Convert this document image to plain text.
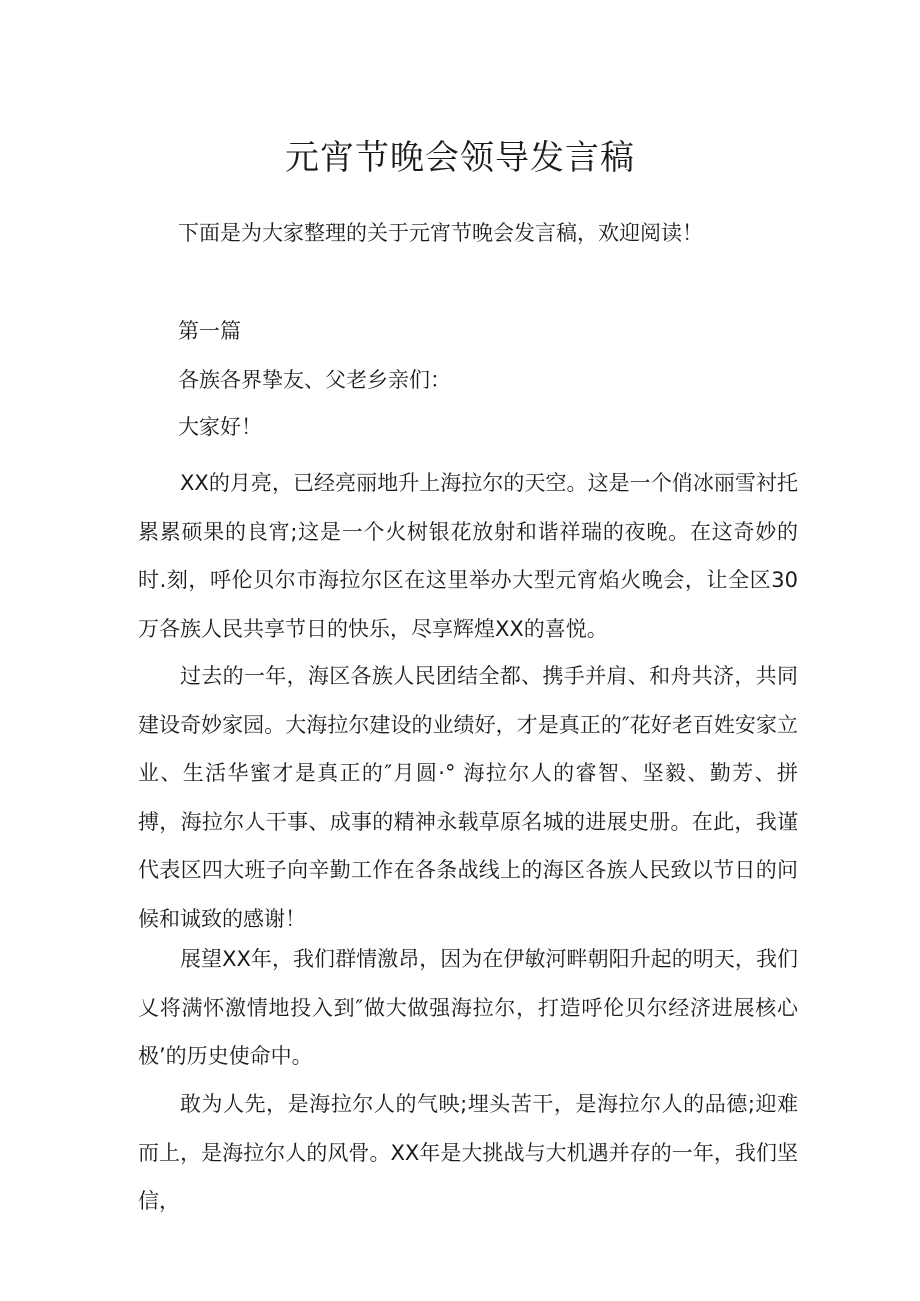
元宵节晚会领导发言稿

下面是为大家整理的关于元宵节晚会发言稿，欢迎阅读！

第一篇

各族各界挚友、父老乡亲们：

大家好！

XX的月亮，已经亮丽地升上海拉尔的天空。这是一个俏冰丽雪衬托累累硕果的良宵;这是一个火树银花放射和谐祥瑞的夜晚。在这奇妙的时.刻，呼伦贝尔市海拉尔区在这里举办大型元宵焰火晚会，让全区30万各族人民共享节日的快乐，尽享辉煌XX的喜悦。

过去的一年，海区各族人民团结全都、携手并肩、和舟共济，共同建设奇妙家园。大海拉尔建设的业绩好，才是真正的″花好老百姓安家立业、生活华蜜才是真正的″月圆·° 海拉尔人的睿智、坚毅、勤芳、拼搏，海拉尔人干事、成事的精神永载草原名城的进展史册。在此，我谨代表区四大班子向辛勤工作在各条战线上的海区各族人民致以节日的问候和诚致的感谢！

展望XX年，我们群情激昂，因为在伊敏河畔朝阳升起的明天，我们乂将满怀激情地投入到″做大做强海拉尔，打造呼伦贝尔经济进展核心极’的历史使命中。

敢为人先，是海拉尔人的气映;埋头苦干，是海拉尔人的品德;迎难而上，是海拉尔人的风骨。XX年是大挑战与大机遇并存的一年，我们坚信，
